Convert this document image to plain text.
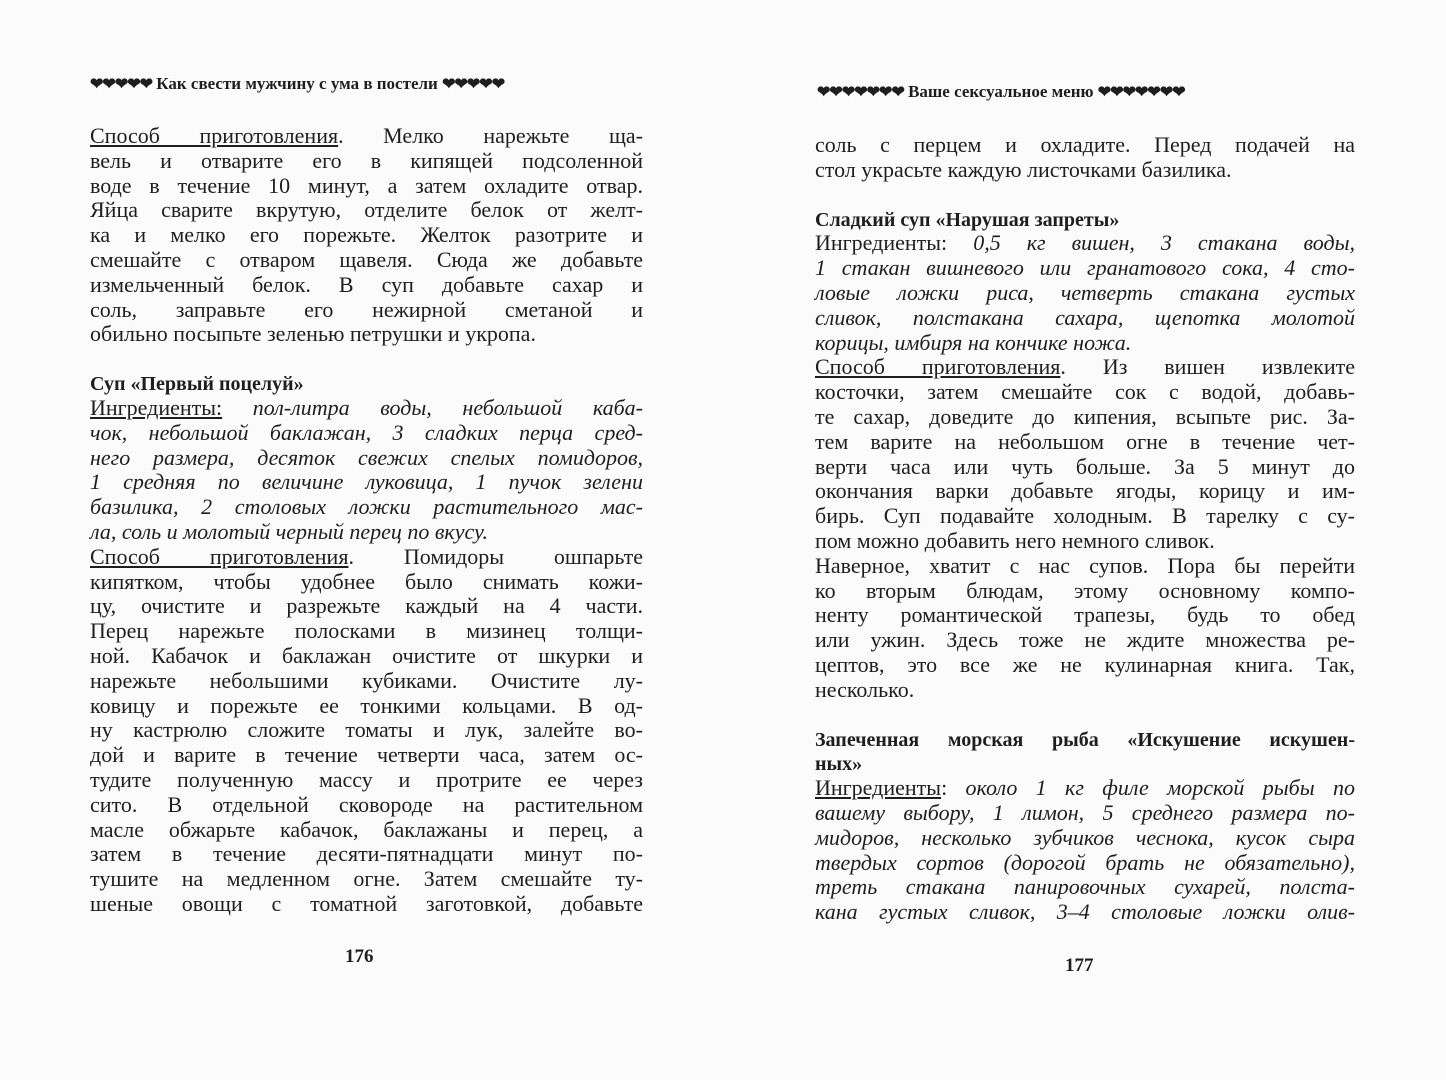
❤❤❤❤❤ Как свести мужчину с ума в постели ❤❤❤❤❤
Способ приготовления. Мелко нарежьте ща-
вель и отварите его в кипящей подсоленной
воде в течение 10 минут, а затем охладите отвар.
Яйца сварите вкрутую, отделите белок от желт-
ка и мелко его порежьте. Желток разотрите и
смешайте с отваром щавеля. Сюда же добавьте
измельченный белок. В суп добавьте сахар и
соль, заправьте его нежирной сметаной и
обильно посыпьте зеленью петрушки и укропа.
Суп «Первый поцелуй»
Ингредиенты: пол-литра воды, небольшой каба-
чок, небольшой баклажан, 3 сладких перца сред-
него размера, десяток свежих спелых помидоров,
1 средняя по величине луковица, 1 пучок зелени
базилика, 2 столовых ложки растительного мас-
ла, соль и молотый черный перец по вкусу.
Способ приготовления. Помидоры ошпарьте
кипятком, чтобы удобнее было снимать кожи-
цу, очистите и разрежьте каждый на 4 части.
Перец нарежьте полосками в мизинец толщи-
ной. Кабачок и баклажан очистите от шкурки и
нарежьте небольшими кубиками. Очистите лу-
ковицу и порежьте ее тонкими кольцами. В од-
ну кастрюлю сложите томаты и лук, залейте во-
дой и варите в течение четверти часа, затем ос-
тудите полученную массу и протрите ее через
сито. В отдельной сковороде на растительном
масле обжарьте кабачок, баклажаны и перец, а
затем в течение десяти-пятнадцати минут по-
тушите на медленном огне. Затем смешайте ту-
шеные овощи с томатной заготовкой, добавьте
176
❤❤❤❤❤❤❤ Ваше сексуальное меню ❤❤❤❤❤❤❤
соль с перцем и охладите. Перед подачей на
стол украсьте каждую листочками базилика.
Сладкий суп «Нарушая запреты»
Ингредиенты: 0,5 кг вишен, 3 стакана воды,
1 стакан вишневого или гранатового сока, 4 сто-
ловые ложки риса, четверть стакана густых
сливок, полстакана сахара, щепотка молотой
корицы, имбиря на кончике ножа.
Способ приготовления. Из вишен извлеките
косточки, затем смешайте сок с водой, добавь-
те сахар, доведите до кипения, всыпьте рис. За-
тем варите на небольшом огне в течение чет-
верти часа или чуть больше. За 5 минут до
окончания варки добавьте ягоды, корицу и им-
бирь. Суп подавайте холодным. В тарелку с су-
пом можно добавить него немного сливок.
Наверное, хватит с нас супов. Пора бы перейти
ко вторым блюдам, этому основному компо-
ненту романтической трапезы, будь то обед
или ужин. Здесь тоже не ждите множества ре-
цептов, это все же не кулинарная книга. Так,
несколько.
Запеченная морская рыба «Искушение искушен-
ных»
Ингредиенты: около 1 кг филе морской рыбы по
вашему выбору, 1 лимон, 5 среднего размера по-
мидоров, несколько зубчиков чеснока, кусок сыра
твердых сортов (дорогой брать не обязательно),
треть стакана панировочных сухарей, полста-
кана густых сливок, 3–4 столовые ложки олив-
177
